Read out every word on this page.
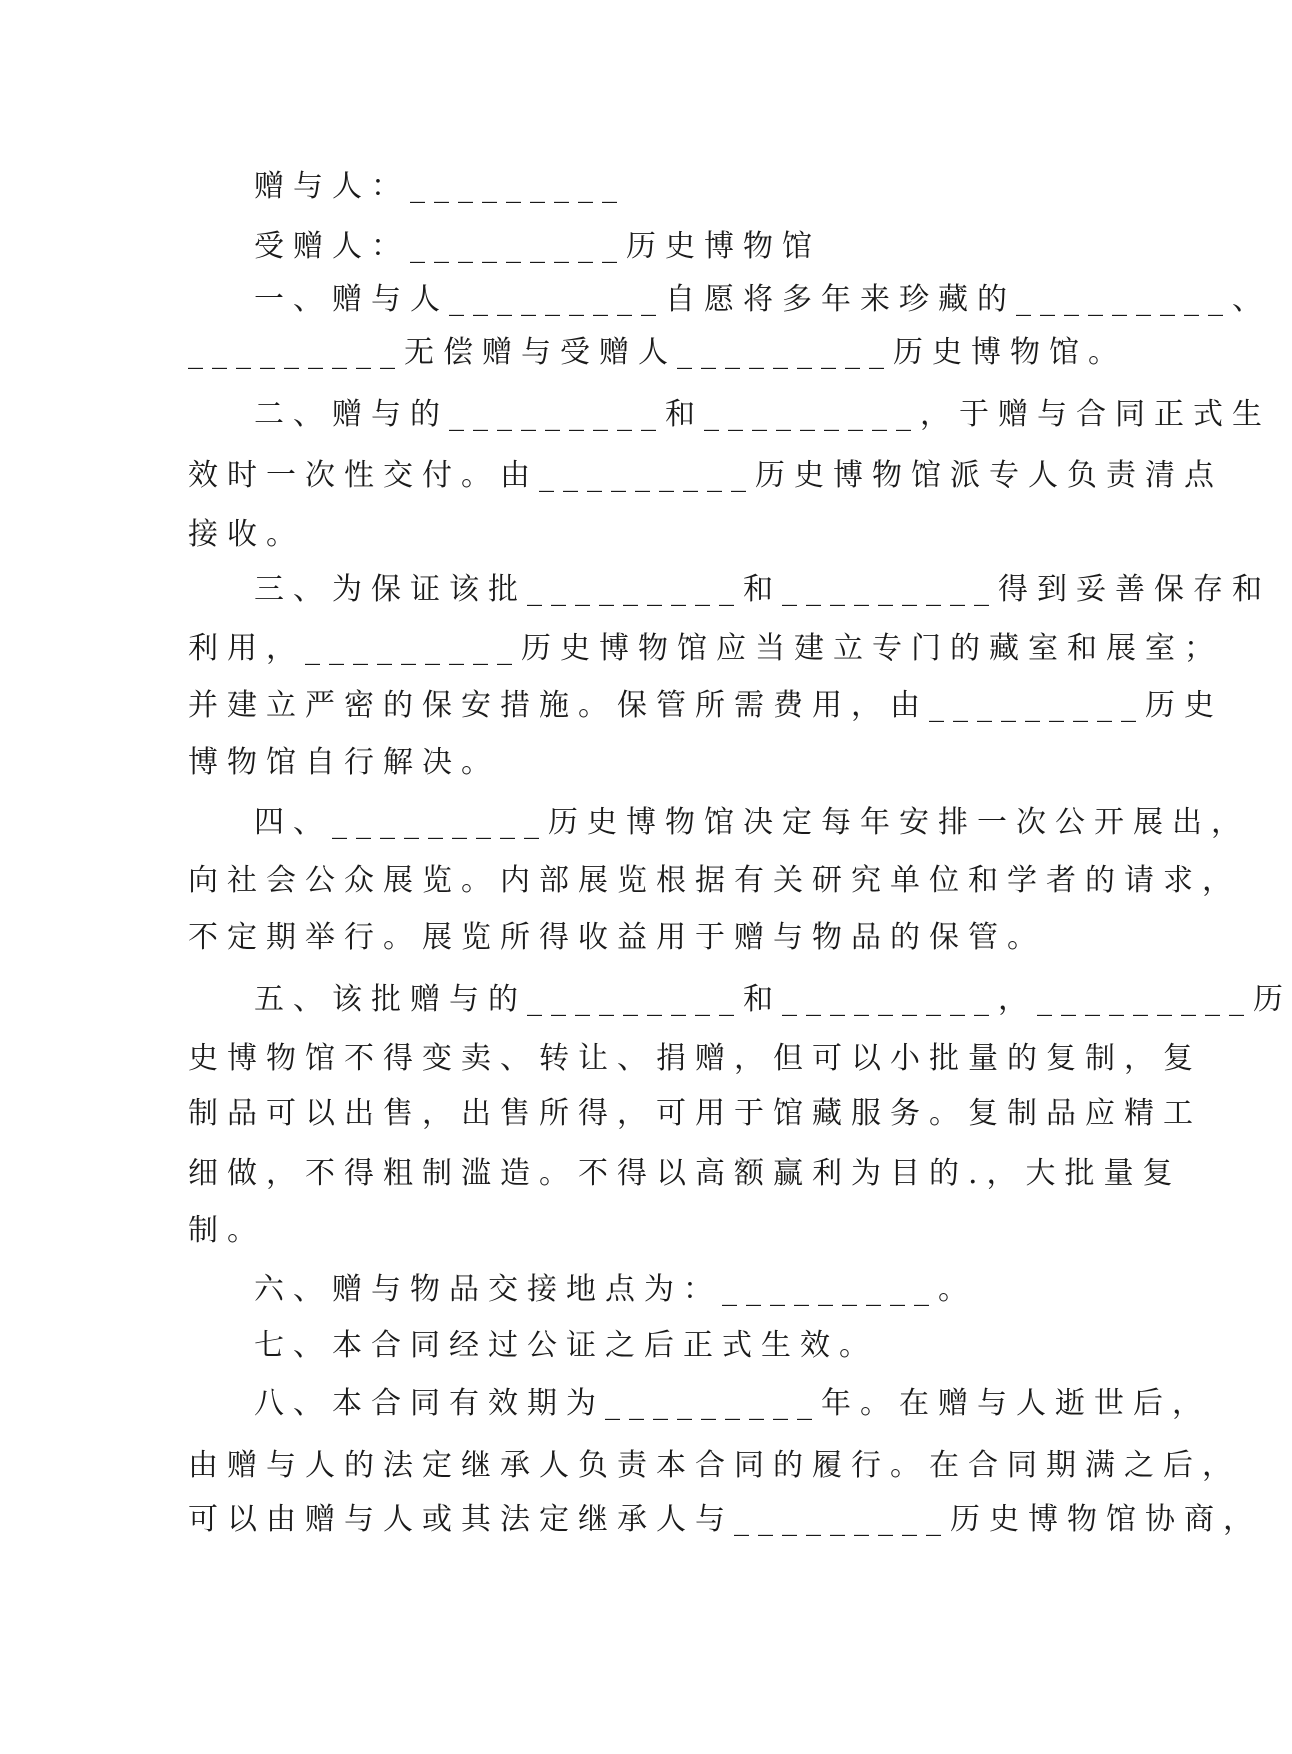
赠与人：_________
受赠人：_________历史博物馆
一、赠与人_________自愿将多年来珍藏的_________、
_________无偿赠与受赠人_________历史博物馆。
二、赠与的_________和_________，于赠与合同正式生
效时一次性交付。由_________历史博物馆派专人负责清点
接收。
三、为保证该批_________和_________得到妥善保存和
利用，_________历史博物馆应当建立专门的藏室和展室；
并建立严密的保安措施。保管所需费用，由_________历史
博物馆自行解决。
四、_________历史博物馆决定每年安排一次公开展出，
向社会公众展览。内部展览根据有关研究单位和学者的请求，
不定期举行。展览所得收益用于赠与物品的保管。
五、该批赠与的_________和_________，_________历
史博物馆不得变卖、转让、捐赠，但可以小批量的复制，复
制品可以出售，出售所得，可用于馆藏服务。复制品应精工
细做，不得粗制滥造。不得以高额赢利为目的.，大批量复
制。
六、赠与物品交接地点为：_________。
七、本合同经过公证之后正式生效。
八、本合同有效期为_________年。在赠与人逝世后，
由赠与人的法定继承人负责本合同的履行。在合同期满之后，
可以由赠与人或其法定继承人与_________历史博物馆协商，
